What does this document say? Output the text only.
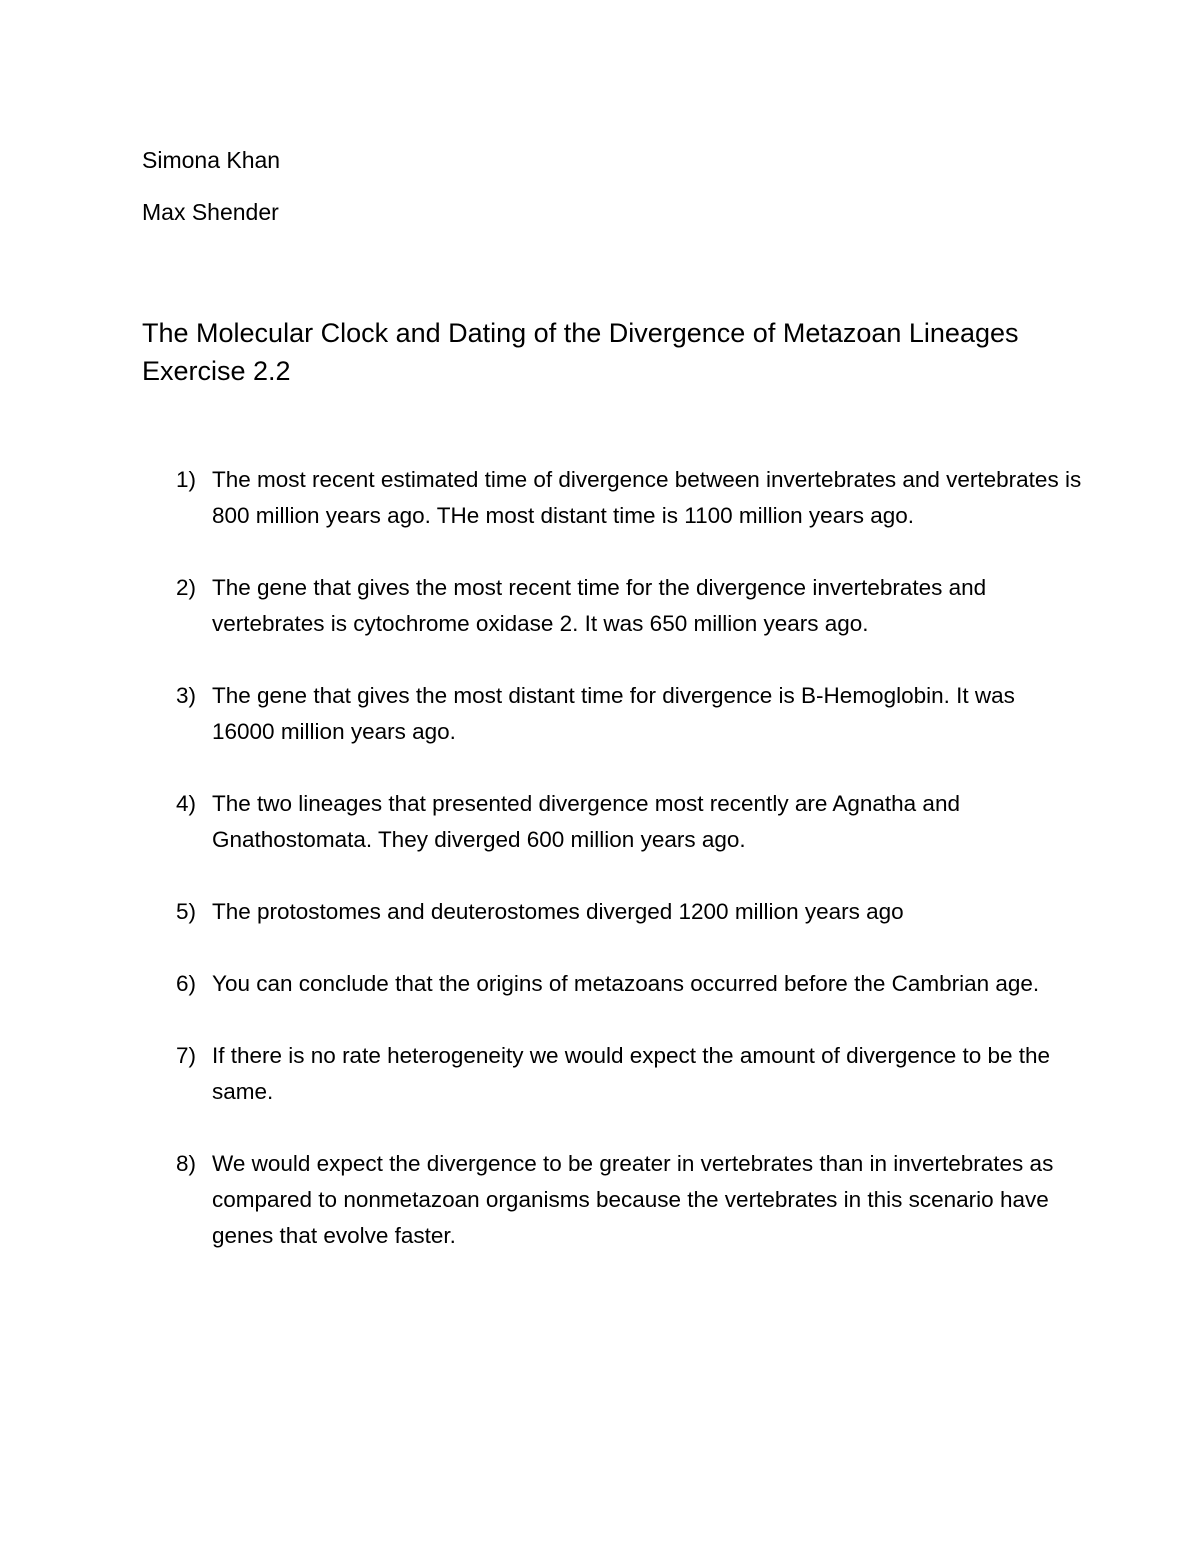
Simona Khan
Max Shender
The Molecular Clock and Dating of the Divergence of Metazoan Lineages Exercise 2.2
1) The most recent estimated time of divergence between invertebrates and vertebrates is 800 million years ago. THe most distant time is 1100 million years ago.
2) The gene that gives the most recent time for the divergence invertebrates and vertebrates is cytochrome oxidase 2. It was 650 million years ago.
3) The gene that gives the most distant time for divergence is B-Hemoglobin. It was 16000 million years ago.
4) The two lineages that presented divergence most recently are Agnatha and Gnathostomata. They diverged 600 million years ago.
5) The protostomes and deuterostomes diverged 1200 million years ago
6) You can conclude that the origins of metazoans occurred before the Cambrian age.
7) If there is no rate heterogeneity we would expect the amount of divergence to be the same.
8) We would expect the divergence to be greater in vertebrates than in invertebrates as compared to nonmetazoan organisms because the vertebrates in this scenario have genes that evolve faster.
